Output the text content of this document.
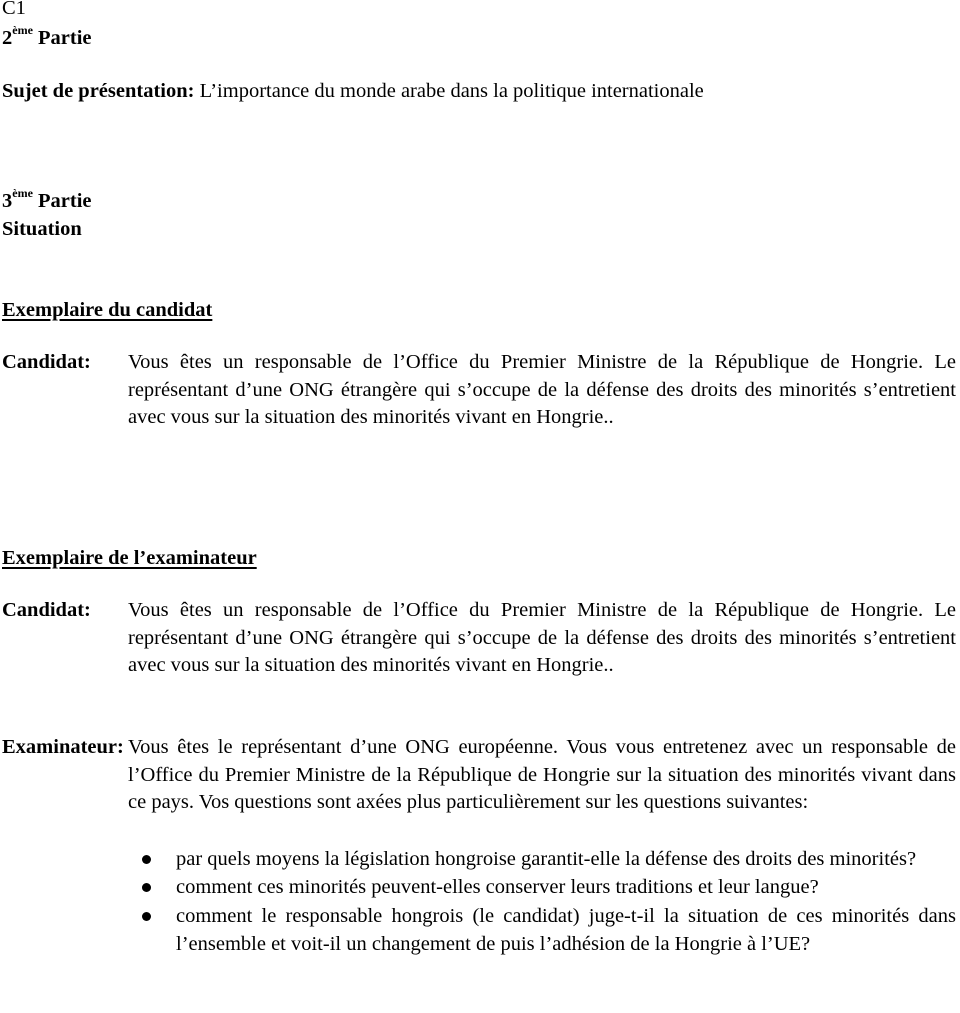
C1
2ème Partie
Sujet de présentation: L’importance du monde arabe dans la politique internationale
3ème Partie
Situation
Exemplaire du candidat
Candidat: Vous êtes un responsable de l’Office du Premier Ministre de la République de Hongrie. Le représentant d’une ONG étrangère qui s’occupe de la défense des droits des minorités s’entretient avec vous sur la situation des minorités vivant en Hongrie..
Exemplaire de l’examinateur
Candidat: Vous êtes un responsable de l’Office du Premier Ministre de la République de Hongrie. Le représentant d’une ONG étrangère qui s’occupe de la défense des droits des minorités s’entretient avec vous sur la situation des minorités vivant en Hongrie..
Examinateur: Vous êtes le représentant d’une ONG européenne. Vous vous entretenez avec un responsable de l’Office du Premier Ministre de la République de Hongrie sur la situation des minorités vivant dans ce pays. Vos questions sont axées plus particulièrement sur les questions suivantes:
par quels moyens la législation hongroise garantit-elle la défense des droits des minorités?
comment ces minorités peuvent-elles conserver leurs traditions et leur langue?
comment le responsable hongrois (le candidat) juge-t-il la situation de ces minorités dans l’ensemble et voit-il un changement de puis l’adhésion de la Hongrie à l’UE?
